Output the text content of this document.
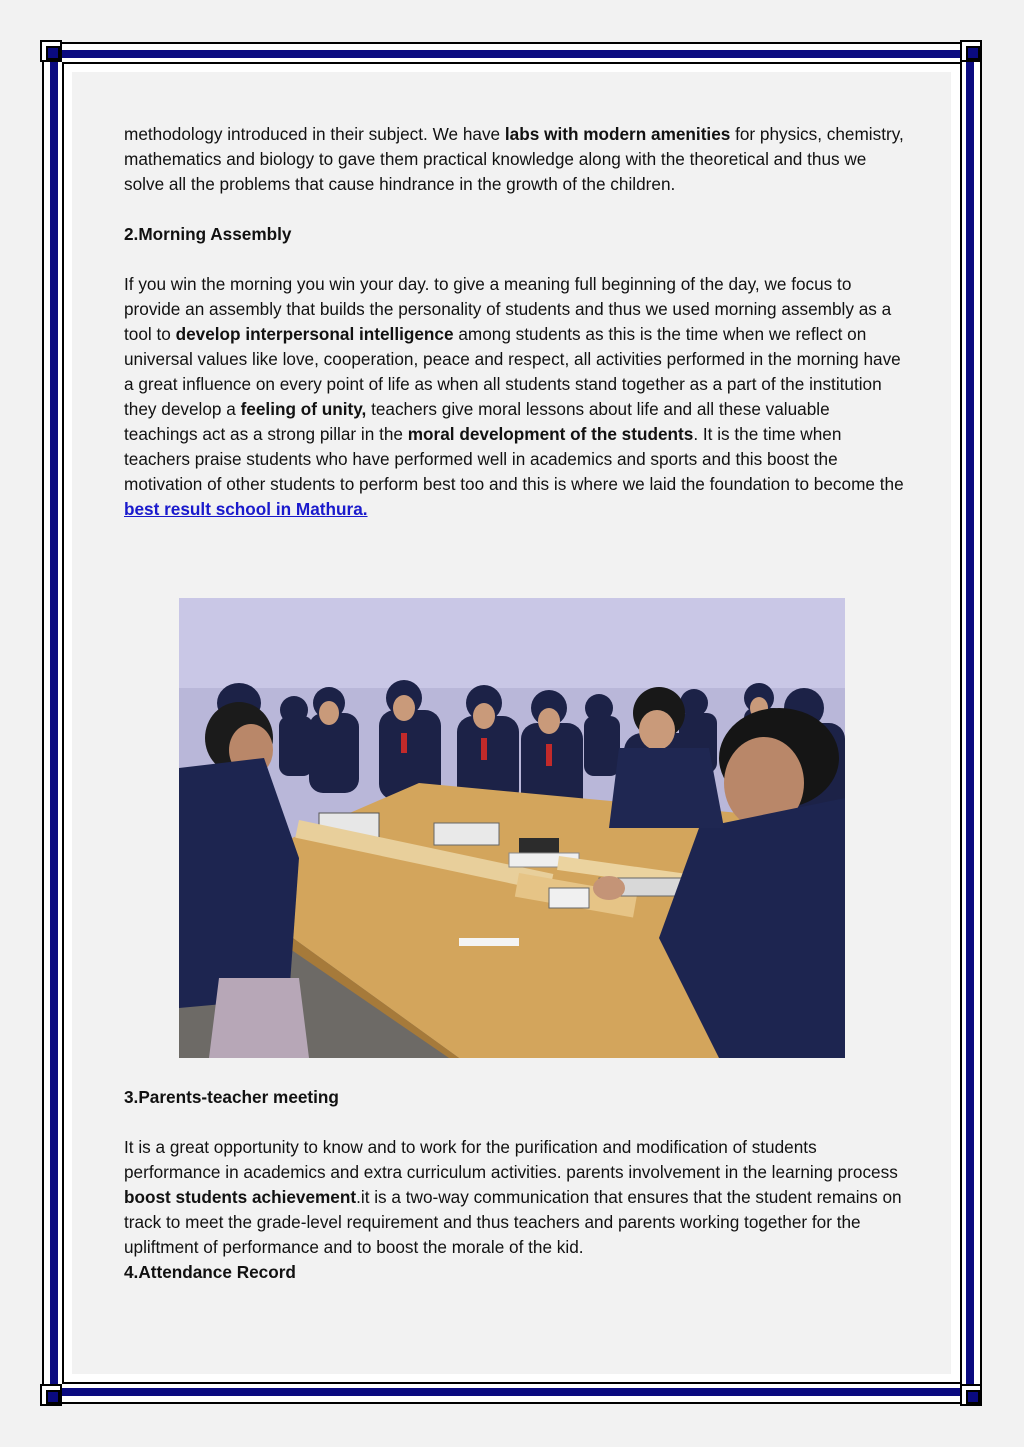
methodology introduced in their subject. We have labs with modern amenities for physics, chemistry, mathematics and biology to gave them practical knowledge along with the theoretical and thus we solve all the problems that cause hindrance in the growth of the children.

2.Morning Assembly

If you win the morning you win your day. to give a meaning full beginning of the day, we focus to provide an assembly that builds the personality of students and thus we used morning assembly as a tool to develop interpersonal intelligence among students as this is the time when we reflect on universal values like love, cooperation, peace and respect, all activities performed in the morning have a great influence on every point of life as when all students stand together as a part of the institution they develop a feeling of unity, teachers give moral lessons about life and all these valuable teachings act as a strong pillar in the moral development of the students. It is the time when teachers praise students who have performed well in academics and sports and this boost the motivation of other students to perform best too and this is where we laid the foundation to become the best result school in Mathura.

3.Parents-teacher meeting

It is a great opportunity to know and to work for the purification and modification of students performance in academics and extra curriculum activities. parents involvement in the learning process boost students achievement.it is a two-way communication that ensures that the student remains on track to meet the grade-level requirement and thus teachers and parents working together for the upliftment of performance and to boost the morale of the kid.

4.Attendance Record
